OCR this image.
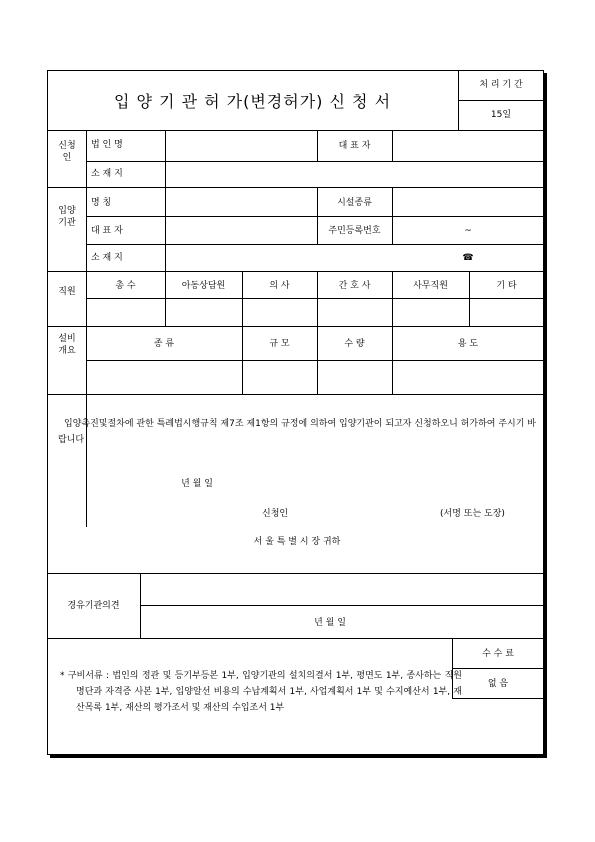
입 양 기 관 허 가(변경허가) 신 청 서
처 리 기 간
15일
신청인
법 인 명	대 표 자
소 재 지
입양기관
명 칭	시설종류
대 표 자	주민등록번호	~
소 재 지	☎
직원
총 수	아동상담원	의 사	간 호 사	사무직원	기 타
설비개요
종 류	규 모	수 량	용 도
입양촉진및절차에 관한 특례법시행규칙 제7조 제1항의 규정에 의하여 입양기관이 되고자 신청하오니 허가하여 주시기 바랍니다
년 월 일
신청인	(서명 또는 도장)
서 울 특 별 시 장 귀하
경유기관의견
년 월 일
수 수 료
없 음
* 구비서류 : 법인의 정관 및 등기부등본 1부, 입양기관의 설치의결서 1부, 평면도 1부, 종사하는 직원명단과 자격증 사본 1부, 입양알선 비용의 수납계획서 1부, 사업계획서 1부 및 수지예산서 1부, 재산목록 1부, 재산의 평가조서 및 재산의 수입조서 1부
